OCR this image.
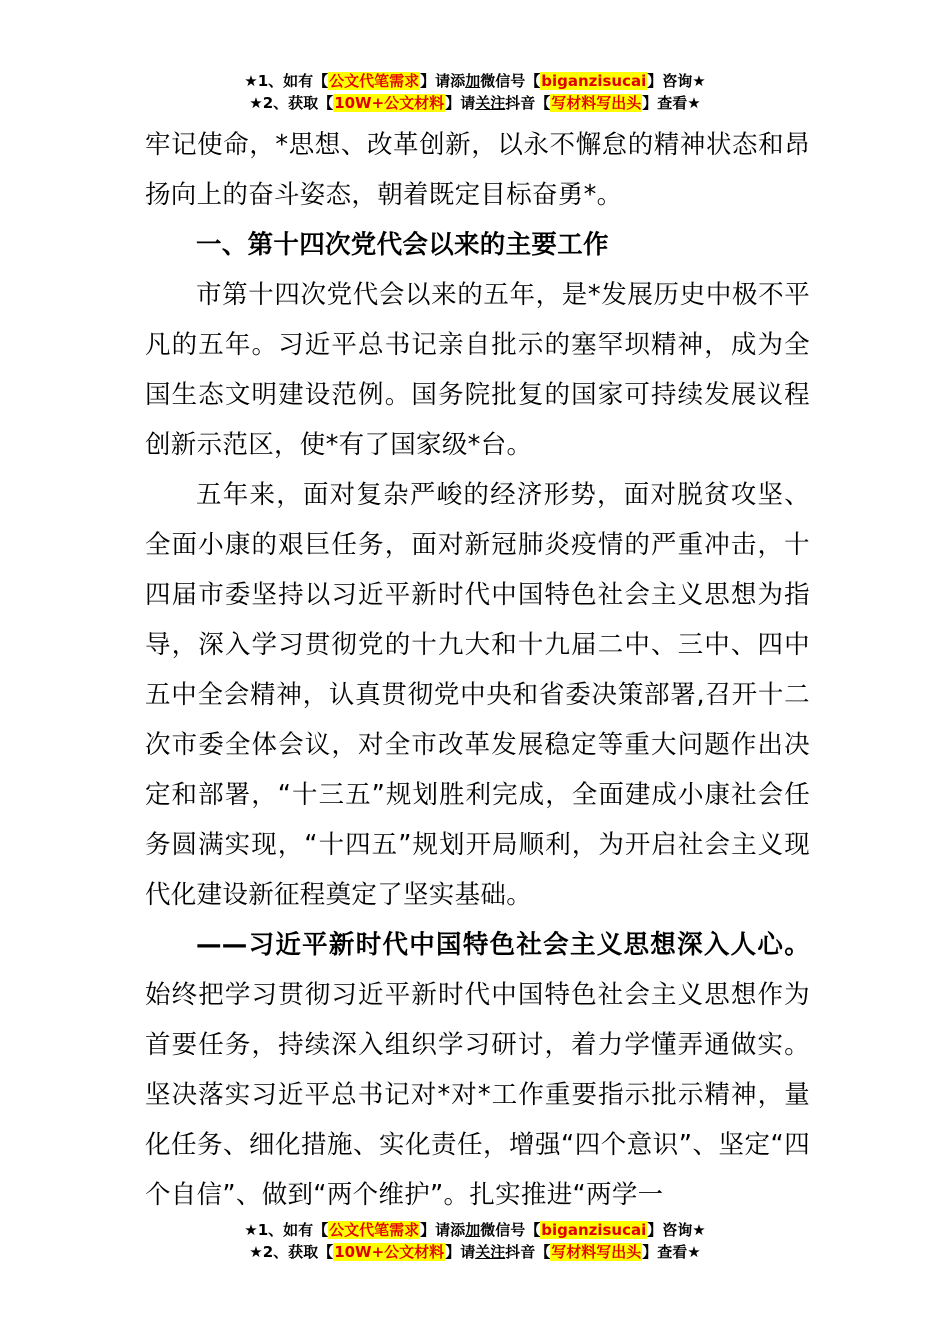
★1、如有【公文代笔需求】请添加微信号【biganzisucai】咨询★
★2、获取【10W+公文材料】请关注抖音【写材料写出头】查看★

牢记使命，*思想、改革创新，以永不懈怠的精神状态和昂扬向上的奋斗姿态，朝着既定目标奋勇*。

一、第十四次党代会以来的主要工作

市第十四次党代会以来的五年，是*发展历史中极不平凡的五年。习近平总书记亲自批示的塞罕坝精神，成为全国生态文明建设范例。国务院批复的国家可持续发展议程创新示范区，使*有了国家级*台。

五年来，面对复杂严峻的经济形势，面对脱贫攻坚、全面小康的艰巨任务，面对新冠肺炎疫情的严重冲击，十四届市委坚持以习近平新时代中国特色社会主义思想为指导，深入学习贯彻党的十九大和十九届二中、三中、四中五中全会精神，认真贯彻党中央和省委决策部署,召开十二次市委全体会议，对全市改革发展稳定等重大问题作出决定和部署，“十三五”规划胜利完成，全面建成小康社会任务圆满实现，“十四五”规划开局顺利，为开启社会主义现代化建设新征程奠定了坚实基础。

——习近平新时代中国特色社会主义思想深入人心。始终把学习贯彻习近平新时代中国特色社会主义思想作为首要任务，持续深入组织学习研讨，着力学懂弄通做实。坚决落实习近平总书记对*对*工作重要指示批示精神，量化任务、细化措施、实化责任，增强“四个意识”、坚定“四个自信”、做到“两个维护”。扎实推进“两学一

★1、如有【公文代笔需求】请添加微信号【biganzisucai】咨询★
★2、获取【10W+公文材料】请关注抖音【写材料写出头】查看★
